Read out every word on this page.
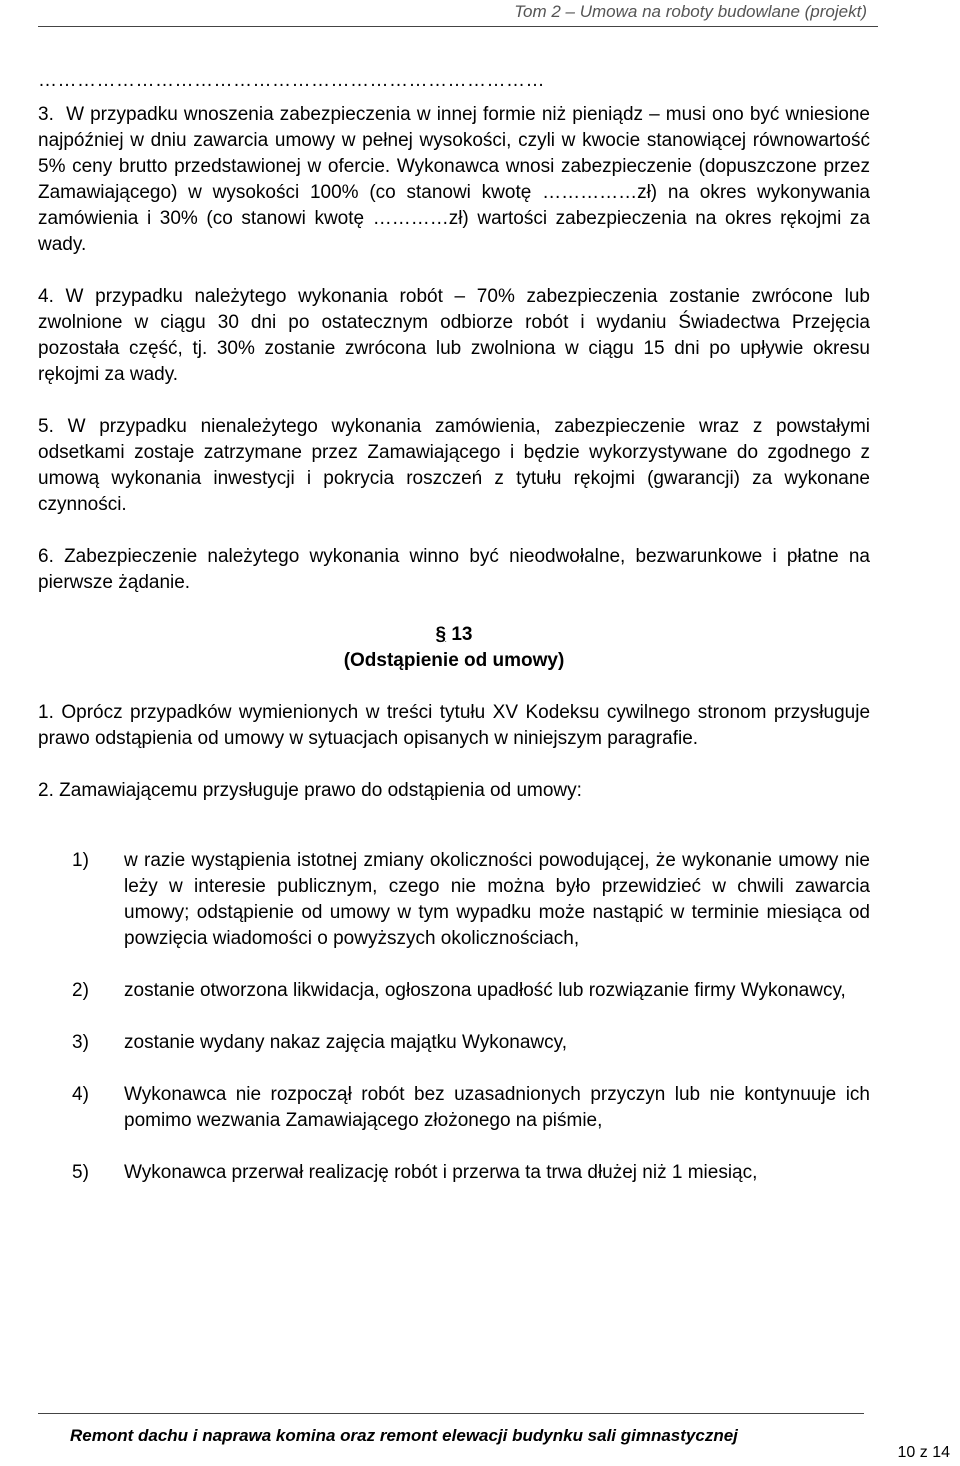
Tom 2 – Umowa na roboty budowlane (projekt)
……………………………………………………………………

3. W przypadku wnoszenia zabezpieczenia w innej formie niż pieniądz – musi ono być wniesione najpóźniej w dniu zawarcia umowy w pełnej wysokości, czyli w kwocie stanowiącej równowartość 5% ceny brutto przedstawionej w ofercie. Wykonawca wnosi zabezpieczenie (dopuszczone przez Zamawiającego) w wysokości 100% (co stanowi kwotę ……………zł) na okres wykonywania zamówienia i 30% (co stanowi kwotę …………zł) wartości zabezpieczenia na okres rękojmi za wady.

4. W przypadku należytego wykonania robót – 70% zabezpieczenia zostanie zwrócone lub zwolnione w ciągu 30 dni po ostatecznym odbiorze robót i wydaniu Świadectwa Przejęcia pozostała część, tj. 30% zostanie zwrócona lub zwolniona w ciągu 15 dni po upływie okresu rękojmi za wady.

5. W przypadku nienależytego wykonania zamówienia, zabezpieczenie wraz z powstałymi odsetkami zostaje zatrzymane przez Zamawiającego i będzie wykorzystywane do zgodnego z umową wykonania inwestycji i pokrycia roszczeń z tytułu rękojmi (gwarancji) za wykonane czynności.

6. Zabezpieczenie należytego wykonania winno być nieodwołalne, bezwarunkowe i płatne na pierwsze żądanie.

§ 13
(Odstąpienie od umowy)

1. Oprócz przypadków wymienionych w treści tytułu XV Kodeksu cywilnego stronom przysługuje prawo odstąpienia od umowy w sytuacjach opisanych w niniejszym paragrafie.

2. Zamawiającemu przysługuje prawo do odstąpienia od umowy:

1)	w razie wystąpienia istotnej zmiany okoliczności powodującej, że wykonanie umowy nie leży w interesie publicznym, czego nie można było przewidzieć w chwili zawarcia umowy; odstąpienie od umowy w tym wypadku może nastąpić w terminie miesiąca od powzięcia wiadomości o powyższych okolicznościach,
2)	zostanie otworzona likwidacja, ogłoszona upadłość lub rozwiązanie firmy Wykonawcy,
3)	zostanie wydany nakaz zajęcia majątku Wykonawcy,
4)	Wykonawca nie rozpoczął robót bez uzasadnionych przyczyn lub nie kontynuuje ich pomimo wezwania Zamawiającego złożonego na piśmie,
5)	Wykonawca przerwał realizację robót i przerwa ta trwa dłużej niż 1 miesiąc,
Remont dachu i naprawa komina oraz remont elewacji budynku sali gimnastycznej
10 z 14
